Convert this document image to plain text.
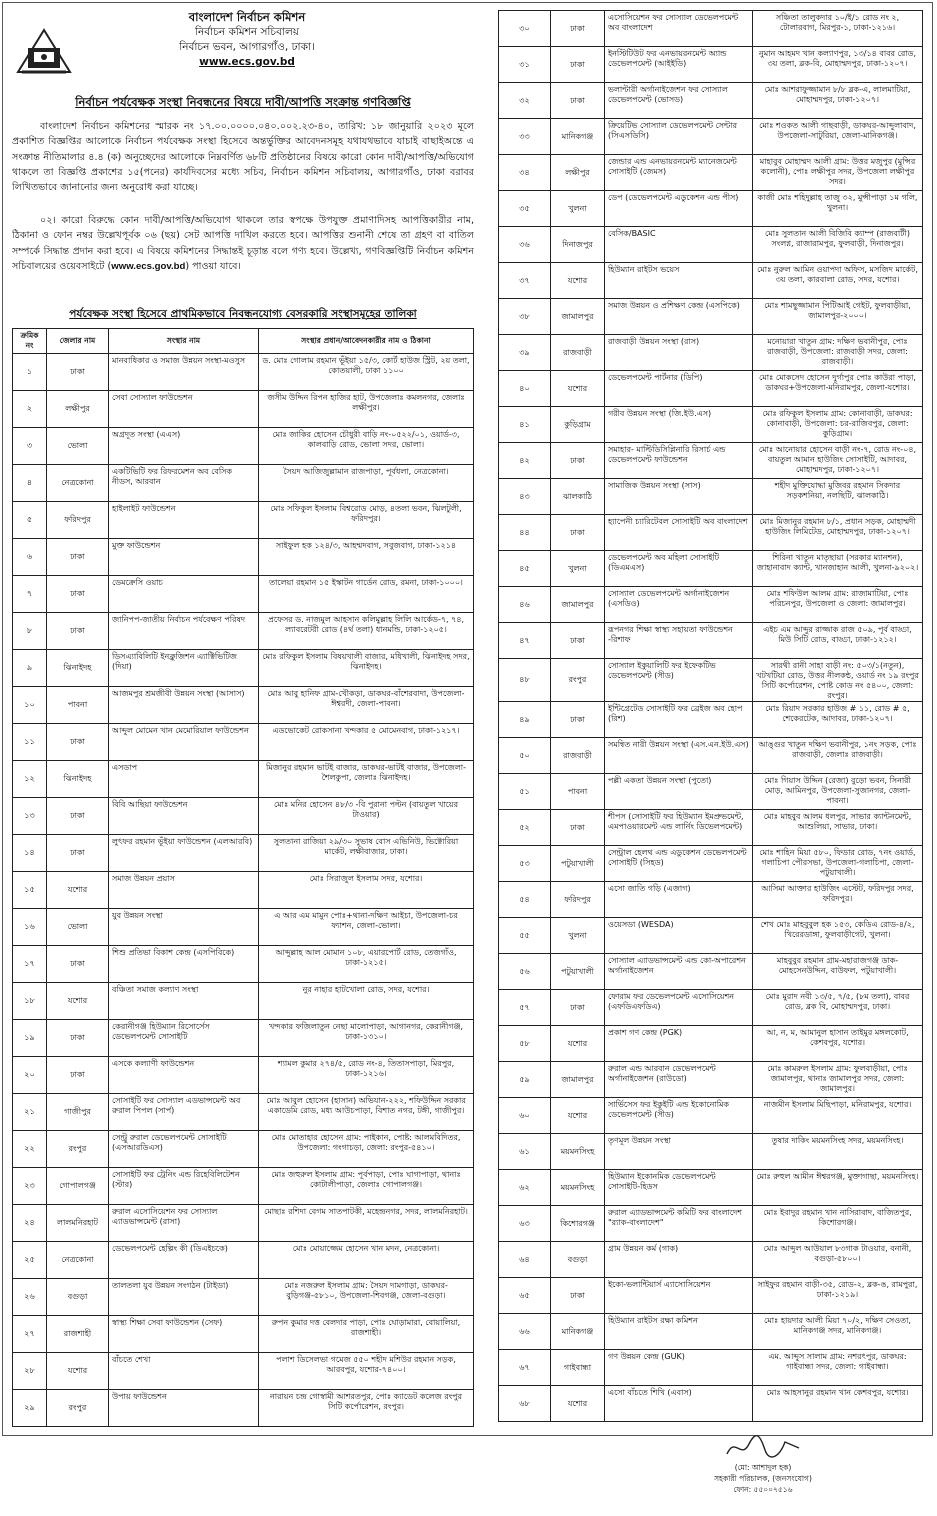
বাংলাদেশ নির্বাচন কমিশন
নির্বাচন কমিশন সচিবালয়
নির্বাচন ভবন, আগারগাঁও, ঢাকা।
www.ecs.gov.bd
নির্বাচন পর্যবেক্ষক সংস্থা নিবন্ধনের বিষয়ে দাবী/আপত্তি সংক্রান্ত গণবিজ্ঞপ্তি
বাংলাদেশ নির্বাচন কমিশনের স্মারক নং ১৭.০০.০০০০.০৪০.০০২.২৩-৪০, তারিখ: ১৮ জানুয়ারি ২০২৩ মূলে প্রকাশিত বিজ্ঞপ্তির আলোকে নির্বাচন পর্যবেক্ষক সংস্থা হিসেবে অন্তর্ভুক্তির আবেদনসমূহ যথাযথভাবে যাচাই বাছাইঅন্তে এ সংক্রান্ত নীতিমালার ৪.৪ (ক) অনুচ্ছেদের আলোকে নিম্নবর্ণিত ৬৮টি প্রতিষ্ঠানের বিষয়ে কারো কোন দাবী/আপত্তি/অভিযোগ থাকলে তা বিজ্ঞপ্তি প্রকাশের ১৫(পনের) কার্যদিবসের মধ্যে সচিব, নির্বাচন কমিশন সচিবালয়, আগারগাঁও, ঢাকা বরাবর লিখিতভাবে জানানোর জন্য অনুরোধ করা যাচ্ছে।
০২। কারো বিরুদ্ধে কোন দাবী/আপত্তি/অভিযোগ থাকলে তার স্বপক্ষে উপযুক্ত প্রমাণাদিসহ আপত্তিকারীর নাম, ঠিকানা ও ফোন নম্বর উল্লেখপূর্বক ০৬ (ছয়) সেট আপত্তি দাখিল করতে হবে। আপত্তির শুনানী শেষে তা গ্রহণ বা বাতিল সম্পর্কে সিদ্ধান্ত প্রদান করা হবে। এ বিষয়ে কমিশনের সিদ্ধান্তই চূড়ান্ত বলে গণ্য হবে। উল্লেখ্য, গণবিজ্ঞপ্তিটি নির্বাচন কমিশন সচিবালয়ের ওয়েবসাইটে (www.ecs.gov.bd) পাওয়া যাবে।
পর্যবেক্ষক সংস্থা হিসেবে প্রাথমিকভাবে নিবন্ধনযোগ্য বেসরকারি সংস্থাসমূহের তালিকা
ক্রমিক নং	জেলার নাম	সংস্থার নাম	সংস্থার প্রধান/আবেদনকারীর নাম ও ঠিকানা
১	ঢাকা	মানবাধিকার ও সমাজ উন্নয়ন সংস্থা-মওসুস	ড. মোঃ গোলাম রহমান ভূঁইয়া ১৫/৩, কোর্ট হাউজ স্ট্রিট, ২য় তলা, কোতয়ালী, ঢাকা ১১০০
২	লক্ষীপুর	সেবা সোস্যাল ফাউন্ডেশন	জসীম উদ্দিন রিপন হাজির হাট, উপজেলাঃ কমলনগর, জেলাঃ লক্ষীপুর।
৩	ভোলা	অগ্রদূত সংস্থা (এএস)	মোঃ জাকির হোসেন চৌধুরী বাড়ি নং-০৫২২/০১, ওয়ার্ড-৩, কালবাড়ি রোড, ভোলা সদর, ভোলা।
৪	নেত্রকোনা	একটিভিটি ফর রিফরমেশন অব বেসিক নীডস, আরবান	সৈয়দ আজিজুল্লামান রাজপাড়া, পূর্বধলা, নেত্রকোনা।
৫	ফরিদপুর	হাইলাইট ফাউন্ডেশন	মোঃ সফিকুল ইসলাম বিশ্বরোড মোড়, ৪তলা ভবন, ঝিলটুলী, ফরিদপুর।
৬	ঢাকা	মুক্ত ফাউন্ডেশন	সাইফুল হক ১২৪/৩, আহম্মদবাগ, সবুজবাগ, ঢাকা-১২১৪
৭	ঢাকা	ডেমক্রেসি ওয়াচ	তালেয়া রহমান ১৫ ইস্কাটন গার্ডেন রোড, রমনা, ঢাকা-১০০০।
৮	ঢাকা	জানিপপ-জাতীয় নির্বাচন পর্যবেক্ষণ পরিষদ	প্রফেসর ড. নাজমুল আহসান কলিমুল্লাহ লিলি আর্কেড-৭, ৭৪, ল্যাবরেটরী রোড (৪র্থ তলা) ধানমন্ডি, ঢাকা-১২০৫।
৯	ঝিনাইদহ	ডিসএ্যাবিলিটি ইনক্লুজিশন এ্যাক্টিভিটিজ (দিয়া)	মোঃ রফিকুল ইসলাম বিষয়খালী বাজার, মধিখালী, ঝিনাইদহ সদর, ঝিনাইদহ।
১০	পাবনা	আজমপুর শ্রমজীবী উন্নয়ন সংস্থা (আসাস)	মোঃ আবু হানিফ গ্রাম-খৌকড়া, ডাকঘর-বাঁশেরবাদা, উপজেলা- ঈশ্বরদী, জেলা-পাবনা।
১১	ঢাকা	আব্দুল মোমেন খান মেমোরিয়াল ফাউন্ডেশন	এডভোকেট রোকসানা খন্দকার ৫ মোমেনবাগ, ঢাকা-১২১৭।
১২	ঝিনাইদহ	এসডাপ	মিজানুর রহমান ভাটই বাজার, ডাকঘর-ভাটই বাজার, উপজেলা- শৈলকুপা, জেলাঃ ঝিনাইদহ।
১৩	ঢাকা	বিবি আছিয়া ফাউন্ডেশন	মোঃ মনির হোসেন ৪৮/৩ -বি পুরানা পল্টন (বায়তুল খায়ের টাওয়ার)
১৪	ঢাকা	লুৎফর রহমান ভূঁইয়া ফাউন্ডেশন (এলআরবি)	সুলতানা রাজিয়া ২৯/৩০ সুভাষ বোস এভিনিউ, ভিক্টোরিয়া মার্কেট, লক্ষীবাজার, ঢাকা।
১৫	যশোর	সমাজ উন্নয়ন প্রয়াস	মোঃ সিরাজুল ইসলাম সদর, যশোর।
১৬	ভোলা	যুব উন্নয়ন সংস্থা	এ আর এম মামুন পোঃ+থানা-দক্ষিণ আইচা, উপজেলা-চর ফ্যাশন, জেলা-ভোলা।
১৭	ঢাকা	শিশু প্রতিভা বিকাশ কেন্দ্র (এসপিবিকে)	আব্দুল্লাহ আল মোমান ১০৮, এয়ারপোর্ট রোড, তেজগাঁও, ঢাকা-১২১৫।
১৮	যশোর	বঞ্চিতা সমাজ কল্যাণ সংস্থা	নুর নাহার হাটখোলা রোড, সদর, যশোর।
১৯	ঢাকা	কেরানীগঞ্জ হিউম্যান রিসোর্সেস ডেভেলপমেন্ট সোসাইটি	খন্দকার ফজিলাতুন নেছা মালোপাড়া, আগানগর, কেরানীগঞ্জ, ঢাকা-১৩১০।
২০	ঢাকা	এসকে কল্যাণী ফাউন্ডেশন	শ্যামল কুমার ২৭৪/৫, রোড নং-৪, তিতাসপাড়া, মিরপুর, ঢাকা-১২১৬।
২১	গাজীপুর	সোসাইটি ফর সোস্যাল এডভান্সমেন্ট অব রুরাল পিপল (সার্প)	মোঃ আবুল হোসেন (হাসান) অভিযান-২২২, শফিউদ্দিন সরকার একাডেমি রোড, মধ্য আউচপাড়া, বিশাত নগর, টঙ্গী, গাজীপুর।
২২	রংপুর	সেন্ট্রু রুরাল ডেভেলপমেন্ট সোসাইটি (এসআরডিএস)	মোঃ মোতাহার হোসেন গ্রাম: পাইকান, পোষ্ট: আলমবিদিতর, উপজেলা: গংগাচড়া, জেলা: রংপুর-৫৪১০।
২৩	গোপালগঞ্জ	সোসাইটি ফর ট্রেনিং এন্ড রিহেবিলিটেশন (স্টার)	মোঃ জহুরুল ইসলাম গ্রাম: পূর্বপাড়া, পোঃ ঘাগাপাড়া, থানাঃ কোটালীপাড়া, জেলাঃ গোপালগঞ্জ।
২৪	লালমনিরহাট	রুরাল এসোসিয়েশন ফর সোস্যাল এ্যাডভান্সমেন্ট (রাসা)	মোছাঃ রশিদা বেগম সাতপাটকী, মহেন্দ্রনগর, সদর, লালমনিরহাট।
২৫	নেত্রকোনা	ডেভেলপমেন্ট হেল্পিং কী (ডিএইচকে)	মোঃ মোয়াজ্জেম হোসেন খান মদন, নেত্রকোনা।
২৬	বগুড়া	তালতলা যুব উন্নয়ন সংগঠন (টাইডা)	মোঃ নজরুল ইসলাম গ্রাম: সৈয়দ দামগাড়া, ডাকঘর-বুড়িগঞ্জ-৫৮১০, উপজেলা-শিবগঞ্জ, জেলা-বগুড়া।
২৭	রাজশাহী	স্বাস্থ্য শিক্ষা সেবা ফাউন্ডেশন (সেফ)	রুপন কুমার দত্ত বেলদার পাড়া, পোঃ ঘোড়ামারা, বোয়ালিয়া, রাজশাহী।
২৮	যশোর	বাঁচতে শেখা	পলাশ ডিসেলভা গমেজ ৫৫০ শহীদ মশিউর রহমান সড়ক, আরবপুর, যশোর-৭৪০০।
২৯	রংপুর	উপায় ফাউন্ডেশন	নারায়ন চন্দ্র গোস্বামী আশরতপুর, পোঃ ক্যাডেট কলেজ রংপুর সিটি কর্পোরেশন, রংপুর।
৩০	ঢাকা	এসোসিয়েশন ফর সোস্যাল ডেভেলপমেন্ট অব বাংলাদেশ	সঞ্চিতা তালুকদার ১০/ই/১ রোড নং ২, টোলারবাগ, মিরপুর-১, ঢাকা-১২১৬।
৩১	ঢাকা	ইনস্টিটিউট ফর এনভায়রনমেন্ট অ্যান্ড ডেভেলপমেন্ট (আইইডি)	নুমান আহমদ খান কল্যাণপুর, ১৩/১৪ বাবর রোড, ৩য় তলা, ব্লক-বি, মোহাম্মদপুর, ঢাকা-১২০৭।
৩২	ঢাকা	ভলান্টারী অর্গানাইজেশন ফর সোস্যাল ডেভেলপমেন্ট (ভোসড)	মোঃ আশরাফুজ্জামান ৮/৮ ব্লক-এ, লালমাটিয়া, মোহাম্মদপুর, ঢাকা-১২০৭।
৩৩	মানিকগঞ্জ	ক্রিয়েটিভ সোস্যাল ডেভেলপমেন্ট সেন্টার (সিএসডিসি)	মোঃ শওকত আলী গাছবাড়ী, ডাকঘর-আব্দুলাবাদ, উপজেলা-সাটুরিয়া, জেলা-মানিকগঞ্জ।
৩৪	লক্ষীপুর	জেন্ডার এন্ড এনভায়রনমেন্ট ম্যানেজমেন্ট সোসাইটি (জেমস)	মাহাবুব মোহাম্মদ আলী গ্রাম: উত্তর মজুপুর (মুন্সির কলোনী), পোঃ লক্ষীপুর সদর, উপজেলা লক্ষীপুর সদর।
৩৫	খুলনা	ডেপ (ডেভেলপমেন্ট এডুকেশন এন্ড পীস)	কাজী মোঃ শহিদুল্লাহ তাজু ৩২, মুন্সীপাড়া ১ম গলি, খুলনা।
৩৬	দিনাজপুর	বেসিক/BASIC	মোঃ সুলতান আলী বিজিবি ক্যাম্প (রাজবাটী) সংলগ্ন, রাজারামপুর, ফুলবাড়ী, দিনাজপুর।
৩৭	যশোর	হিউম্যান রাইটস ভয়েস	মোঃ নুরুল আমিন ওয়াপদা অফিস, মসজিদ মার্কেট, ৩য় তলা, কারবালা রোড, সদর, যশোর।
৩৮	জামালপুর	সমাজ উন্নয়ন ও প্রশিক্ষণ কেন্দ্র (এসপিকে)	মোঃ শামছুজ্জামান পিটিআই গেইট, ফুলবাড়ীয়া, জামালপুর-২০০০।
৩৯	রাজবাড়ী	রাজবাড়ী উন্নয়ন সংস্থা (রাস)	মনোয়ারা খাতুন গ্রাম: দক্ষিণ ভবানীপুর, পোঃ রাজবাড়ী, উপজেলা: রাজবাড়ী সদর, জেলা: রাজবাড়ী।
৪০	যশোর	ডেভেলপমেন্ট পার্টনার (ডিপি)	মোঃ মোকসেদ হোসেন দুর্গাপুর পোঃ কাউরা পাড়া, ডাকঘর+উপজেলা-মনিরামপুর, জেলা-যশোর।
৪১	কুড়িগ্রাম	গরীব উন্নয়ন সংস্থা (জি.ইউ.এস)	মোঃ রফিকুল ইসলাম গ্রাম: কোনাবাড়ী, ডাকঘর: কোনাবাড়ী, উপজেলা: চর-রাজিবপুর, জেলা: কুড়িগ্রাম।
৪২	ঢাকা	সমাহার- মাল্টিডিসিপ্লিনারি রিসার্চ এন্ড ডেভেলপমেন্ট ফাউন্ডেশন	মোঃ আনোয়ার হোসেন বাড়ী নং-৭, রোড নং-০৪, বায়তুল আমান হাউজিং সোসাইটি, আদাবর, মোহাম্মদপুর, ঢাকা-১২০৭।
৪৩	ঝালকাঠি	সামাজিক উন্নয়ন সংস্থা (সাস)	শহীদ মুক্তিযোদ্ধা মুজিবর রহমান সিকদার সড়কশনিয়া, নলছিটি, ঝালকাঠি।
৪৪	ঢাকা	হ্যাপেনী চ্যারিটেবল সোসাইটি অব বাংলাদেশ	মোঃ মিজানুর রহমান ৮/১, প্রধান সড়ক, মোহাম্মদী হাউজিং লিমিটেড, মোহাম্মদপুর, ঢাকা-১২০৭।
৪৫	খুলনা	ডেভেলপমেন্ট অব মহিলা সোসাইটি (ডিএমএস)	শিরিনা খাতুন মাতৃছায়া (সরকার ম্যানশন), জাহানাবাদ ক্যান্ট, খানজাহান আলী, খুলনা-৯২০২।
৪৬	জামালপুর	সোস্যাল ডেভেলপমেন্ট অর্গানাইজেশন (এসডিও)	মোঃ শফিউল আলম গ্রাম: রাজামাটিয়া, পোঃ পরিচনপুর, উপজেলা ও জেলা: জামালপুর।
৪৭	ঢাকা	রূপনগর শিক্ষা স্বাস্থ্য সহায়তা ফাউন্ডেশন -রিশাফ	এইচ এম আব্দুর রাজ্জাক রাজ ৫০৯, পূর্ব বাড্ডা, মিউ সিটি রোড, বাড্ডা, ঢাকা-১২১২।
৪৮	রংপুর	সোস্যাল ইকুয়ালিটি ফর ইফেকটিভ ডেভেলপমেন্ট (সীড)	সারথী রানী সাহা বাড়ী নং: ৫০৩/১(নতুন), খটখটিয়া রোড, উত্তর নীলকন্ঠ, ওয়ার্ড নং ১৯ রংপুর সিটি কর্পোরেশন, পোষ্ট কোড নং ৫৪০০, জেলা: রংপুর।
৪৯	ঢাকা	ইন্টিগ্রেটেড সোসাইটি ফর ব্রেইজ অব হোপ (রিশ)	মোঃ রিয়াদ সরকার হাউজ # ১১, রোড # ৫, শেকেরটেক, আদাবর, ঢাকা-১২০৭।
৫০	রাজবাড়ী	সমন্বিত নারী উন্নয়ন সংস্থা (এস.এন.ইউ.এস)	আঙ্গুর খাতুন দক্ষিণ ভবানীপুর, ১নং সড়ক, পোঃ রাজবাড়ী, জেলাঃ রাজবাড়ী।
৫১	পাবনা	পল্লী একতা উন্নয়ন সংস্থা (পুতো)	মোঃ গিয়াস উদ্দিন (রেজা) বুড়ো ভবন, সিনারী মোড়, আমিনপুর, উপজেলা-সুজানগর, জেলা-পাবনা।
৫২	ঢাকা	শীপস (সোসাইটি ফর হিউম্যান ইমপ্রুভমেন্ট, এমপাওয়ারমেন্ট এন্ড লার্নিং ডিভেলপমেন্ট)	মোঃ মাহবুব আলম ধলপুর, সাভার ক্যান্টনমেন্ট, আশুলিয়া, সাভার, ঢাকা।
৫৩	পটুয়াখালী	সেন্ট্রাল হেলথ এন্ড এডুকেশন ডেভেলপমেন্ট সোসাইটি (সিহড)	মোঃ শাহিন মিয়া ৫৮০, ফিডার রোড, ৭নং ওয়ার্ড, গলাচিপা পৌরসভা, উপজেলা-গলাচিপা, জেলা-পটুয়াখালী।
৫৪	ফরিদপুর	এসো জাতি গড়ি (এজাগ)	আসিমা আক্তার হাউজিং এস্টেট, ফরিদপুর সদর, ফরিদপুর।
৫৫	খুলনা	ওয়েসডা (WESDA)	শেখ মোঃ মাহবুবুল হক ১৫৩, কেডিএ রোড-৪/২, খিরেরডাঙ্গা, ফুলবাড়ীগেট, খুলনা।
৫৬	পটুয়াখালী	সোস্যাল এ্যাডভান্সমেন্ট এন্ড কো-অপারেশন অর্গানাইজেশন	মাহবুবুর রহমান গ্রাম-মহারাজগঞ্জ ডাক-মোহসেনউদ্দিন, বাউফল, পটুয়াখালী।
৫৭	ঢাকা	ফোরাম ফর ডেভেলপমেন্ট এসোসিয়েশন (এফডিএফডিএ)	মোঃ মুরাদ নবী ১৩/৫, ৭/৫, (৮ম তলা), বাবর রোড, ব্লক বি, মোহাম্মদপুর, ঢাকা।
৫৮	যশোর	প্রকাশ গণ কেন্দ্র (PGK)	আ, ন, ম, আমানুল হাসান তাইমুর মঙ্গলকোট, কেশবপুর, যশোর।
৫৯	জামালপুর	রুরাল এন্ড আরবান ডেভেলপমেন্ট অর্গানাইজেশন (রাউডো)	মোঃ কামরুল ইসলাম গ্রাম: ফুলবাড়ীয়া, পোঃ জামালপুর, থানাঃ জামালপুর সদর, জেলা: জামালপুর।
৬০	যশোর	সার্ভিসেস ফর ইকুইটি এন্ড ইকোনোমিক ডেভেলপমেন্ট (সীড)	নাজমীন ইসলাম মিছিপাড়া, মনিরামপুর, যশোর।
৬১	ময়মনসিংহ	তৃণমূল উন্নয়ন সংস্থা	তুষার দাকিং ময়মনসিংহ সদর, ময়মনসিংহ।
৬২	ময়মনসিংহ	হিউম্যান ইকোনমিক ডেভেলপমেন্ট সোসাইটি-হিডস	মোঃ রুহুল আমীন ঈশ্বরগঞ্জ, মুক্তাগাছা, ময়মনসিংহ।
৬৩	কিশোরগঞ্জ	রুরাল এ্যাডভান্সমেন্ট কমিটি ফর বাংলাদেশ "র‍্যাক-বাংলাদেশ"	মোঃ ইবাদুর রহমান খান নাসিরাবাদ, বাজিতপুর, কিশোরগঞ্জ।
৬৪	বগুড়া	গ্রাম উন্নয়ন কর্ম (গাক)	মোঃ আব্দুল আউয়াল ৮৩গাক টাওয়ার, বনানী, বগুড়া-৫৮০০।
৬৫	ঢাকা	ইকো-ভলান্টিয়ার্স এ্যাসোসিয়েশন	সাইফুর রহমান বাড়ী-৩৫, রোড-২, ব্লক-ঙ, রামপুরা, ঢাকা-১২১৯।
৬৬	মানিকগঞ্জ	হিউম্যান রাইটস রক্ষা কমিশন	মোঃ হায়দার আলী মিয়া ৭০/২, দক্ষিণ সেওতা, মানিকগঞ্জ সদর, মানিকগঞ্জ।
৬৭	গাইবান্ধা	গণ উন্নয়ন কেন্দ্র (GUK)	এম. আব্দুস সালাম গ্রাম: নশরৎপুর, ডাকঘর: গাইবান্ধা সদর, জেলা: গাইবান্ধা।
৬৮	যশোর	এসো বাঁচতে শিখি (এবাস)	মোঃ আহসানুর রহমান খান কেশবপুর, যশোর।
(মো: আশাদুল হক)
সহকারী পরিচালক, (জনসংযোগ)
ফোন: ৫৫০০৭৫১৬
